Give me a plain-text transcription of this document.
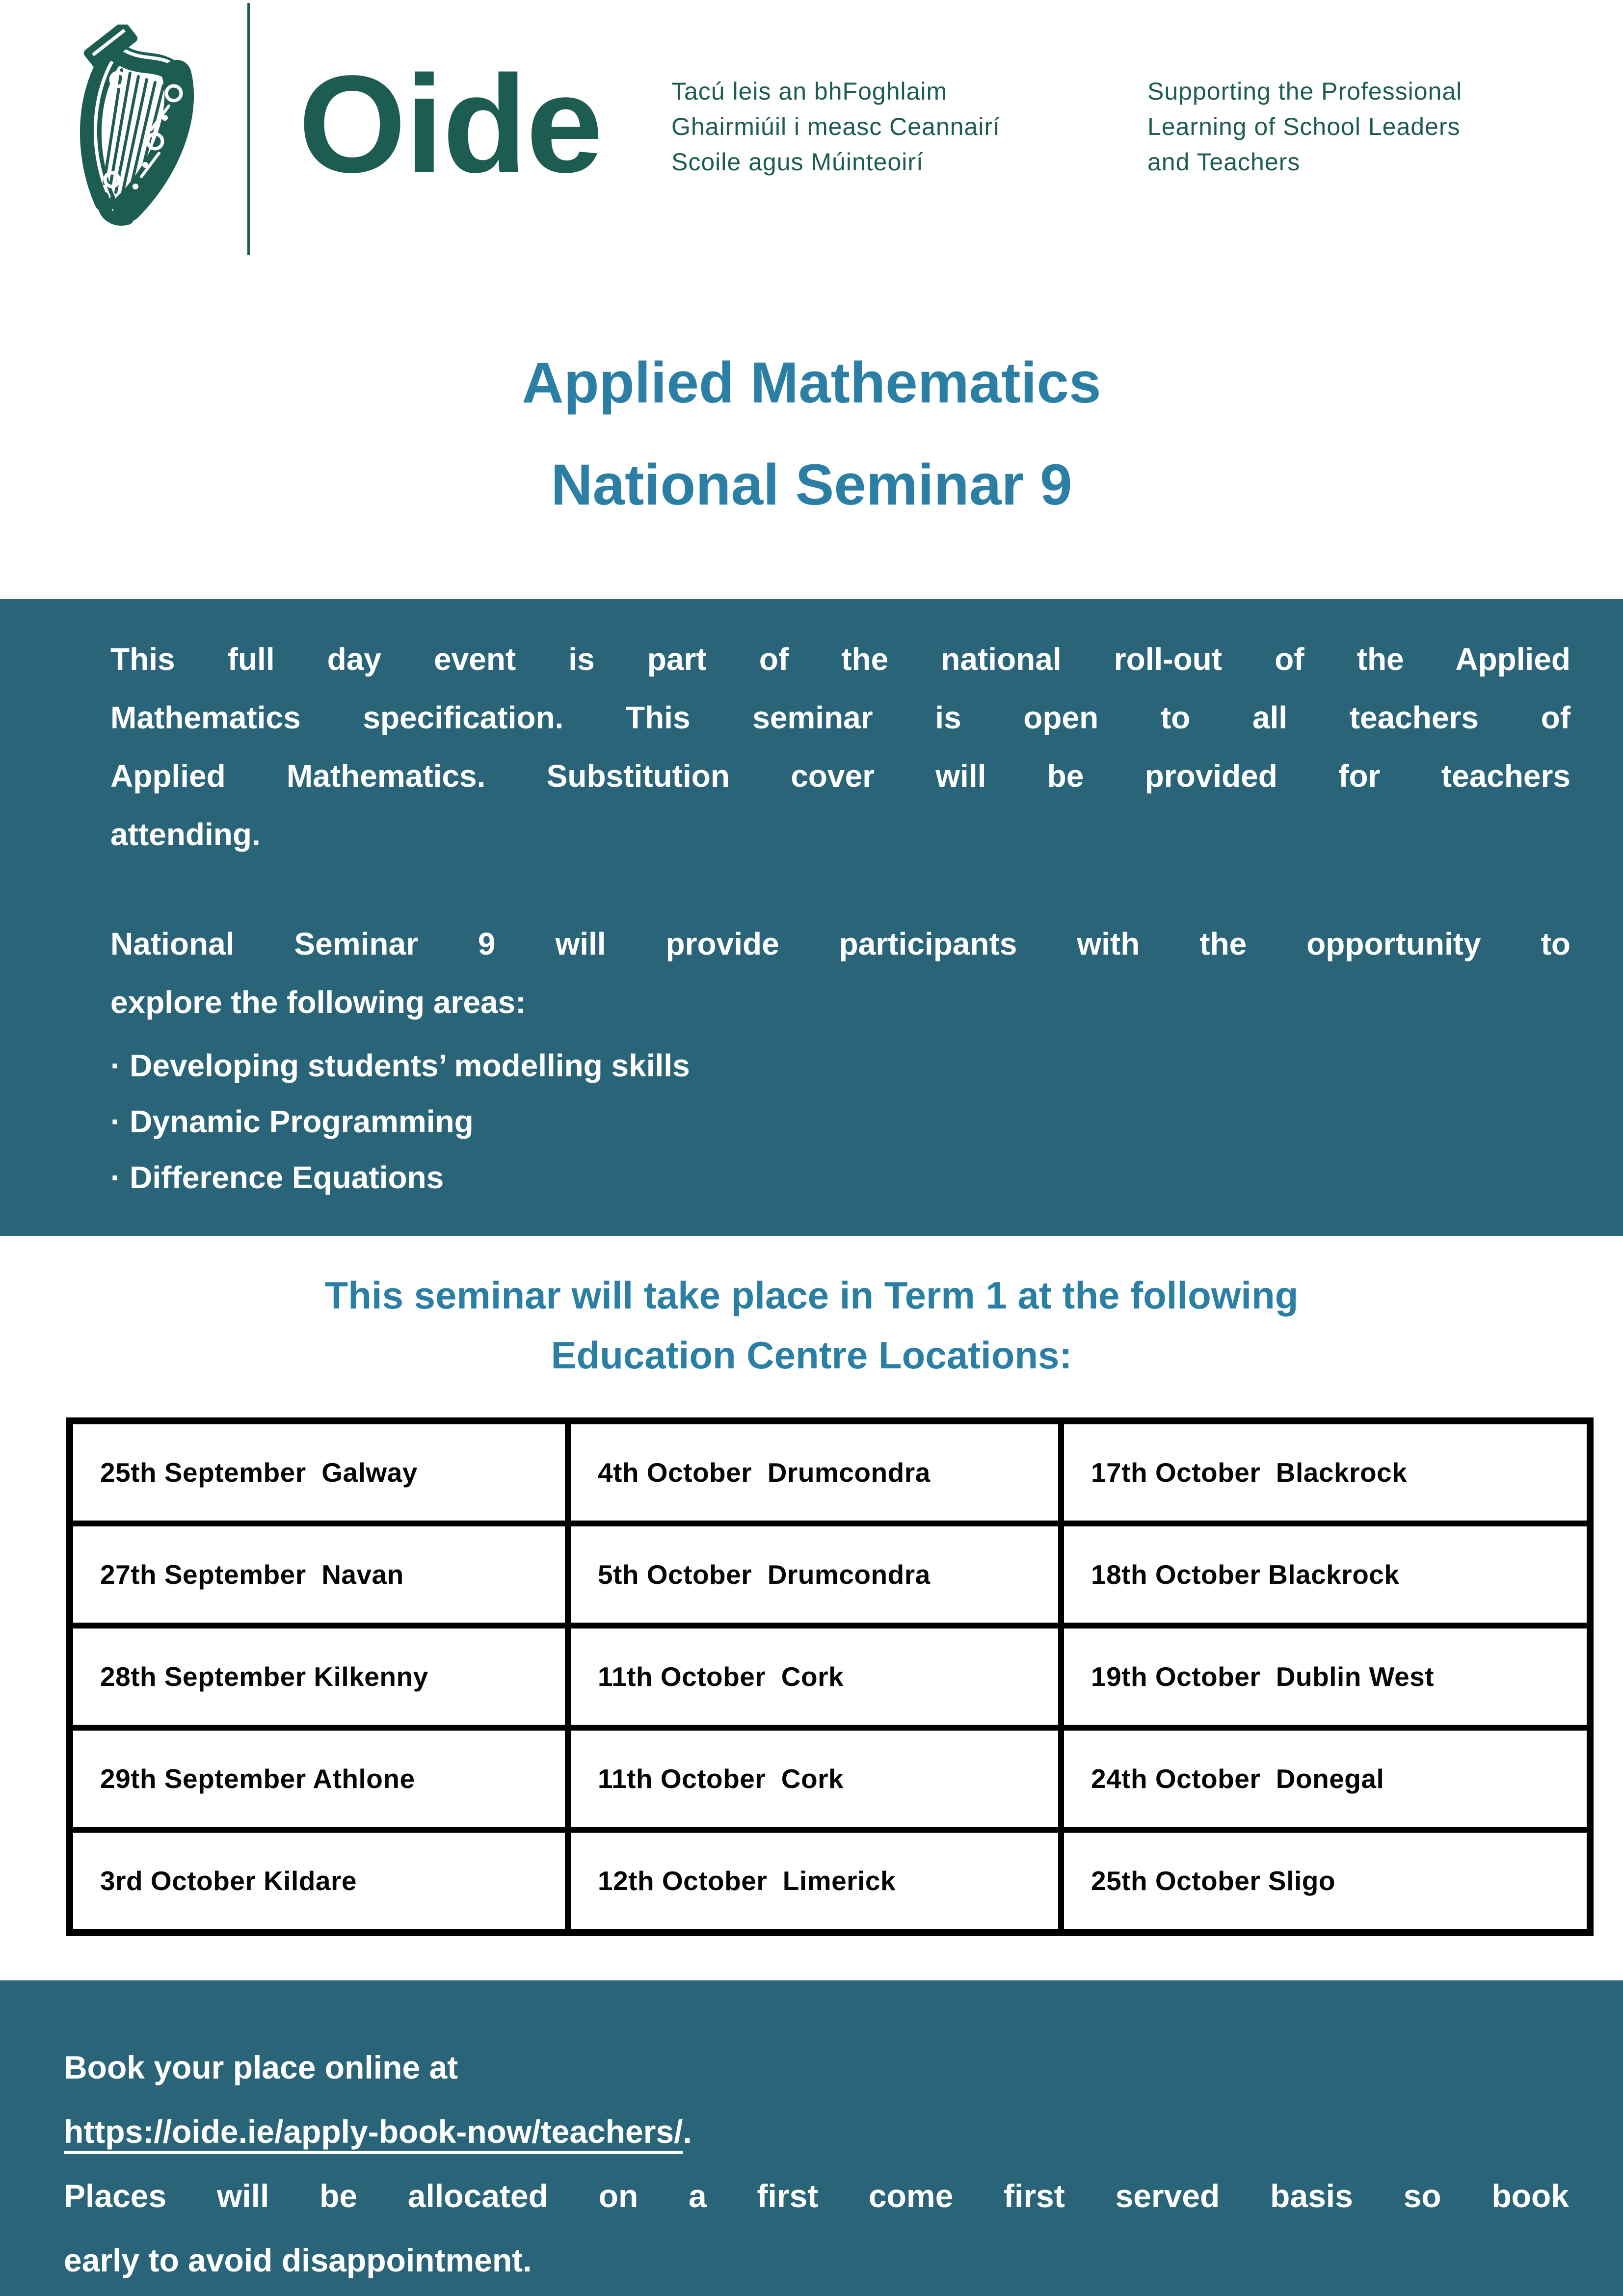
Oide	Tacú leis an bhFoghlaim
Ghairmiúil i measc Ceannairí
Scoile agus Múinteoirí
Supporting the Professional
Learning of School Leaders
and Teachers
Applied Mathematics
National Seminar 9
This full day event is part of the national roll-out of the Applied
Mathematics specification. This seminar is open to all teachers of
Applied Mathematics. Substitution cover will be provided for teachers
attending.
National Seminar 9 will provide participants with the opportunity to
explore the following areas:
· Developing students’ modelling skills
· Dynamic Programming
· Difference Equations
This seminar will take place in Term 1 at the following
Education Centre Locations:
25th September  Galway	4th October  Drumcondra	17th October  Blackrock
27th September  Navan	5th October  Drumcondra	18th October Blackrock
28th September Kilkenny	11th October  Cork	19th October  Dublin West
29th September Athlone	11th October  Cork	24th October  Donegal
3rd October Kildare	12th October  Limerick	25th October Sligo
Book your place online at
https://oide.ie/apply-book-now/teachers/.
Places will be allocated on a first come first served basis so book
early to avoid disappointment.
